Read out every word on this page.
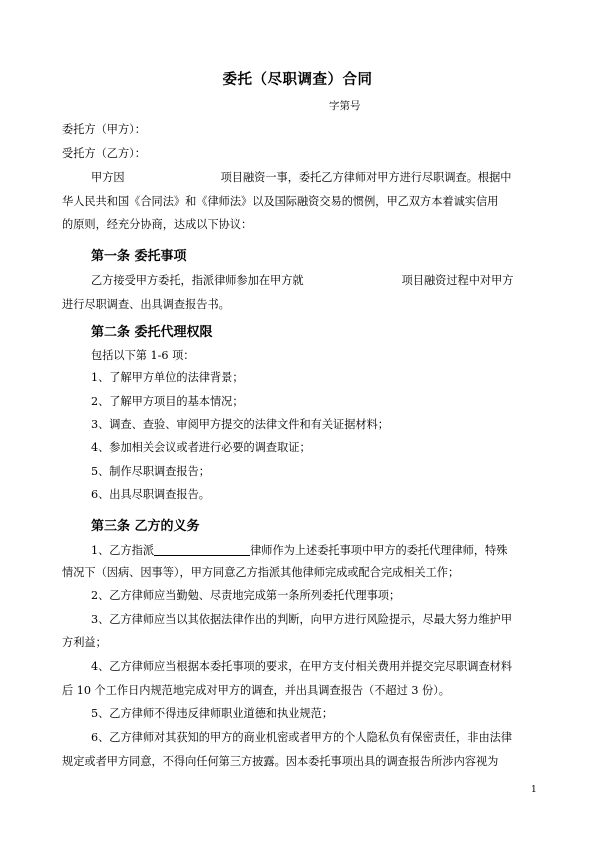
委托（尽职调查）合同
字第号
委托方（甲方）：
受托方（乙方）：
甲方因	项目融资一事，委托乙方律师对甲方进行尽职调查。根据中
华人民共和国《合同法》和《律师法》以及国际融资交易的惯例，甲乙双方本着诚实信用
的原则，经充分协商，达成以下协议：
第一条 委托事项
乙方接受甲方委托，指派律师参加在甲方就	项目融资过程中对甲方
进行尽职调查、出具调查报告书。
第二条 委托代理权限
包括以下第 1-6 项：
1、了解甲方单位的法律背景；
2、了解甲方项目的基本情况；
3、调查、查验、审阅甲方提交的法律文件和有关证据材料；
4、参加相关会议或者进行必要的调查取证；
5、制作尽职调查报告；
6、出具尽职调查报告。
第三条 乙方的义务
1、乙方指派	律师作为上述委托事项中甲方的委托代理律师，特殊
情况下（因病、因事等），甲方同意乙方指派其他律师完成或配合完成相关工作；
2、乙方律师应当勤勉、尽责地完成第一条所列委托代理事项；
3、乙方律师应当以其依据法律作出的判断，向甲方进行风险提示，尽最大努力维护甲
方利益；
4、乙方律师应当根据本委托事项的要求，在甲方支付相关费用并提交完尽职调查材料
后 10 个工作日内规范地完成对甲方的调查，并出具调查报告（不超过 3 份）。
5、乙方律师不得违反律师职业道德和执业规范；
6、乙方律师对其获知的甲方的商业机密或者甲方的个人隐私负有保密责任，非由法律
规定或者甲方同意，不得向任何第三方披露。因本委托事项出具的调查报告所涉内容视为
1
